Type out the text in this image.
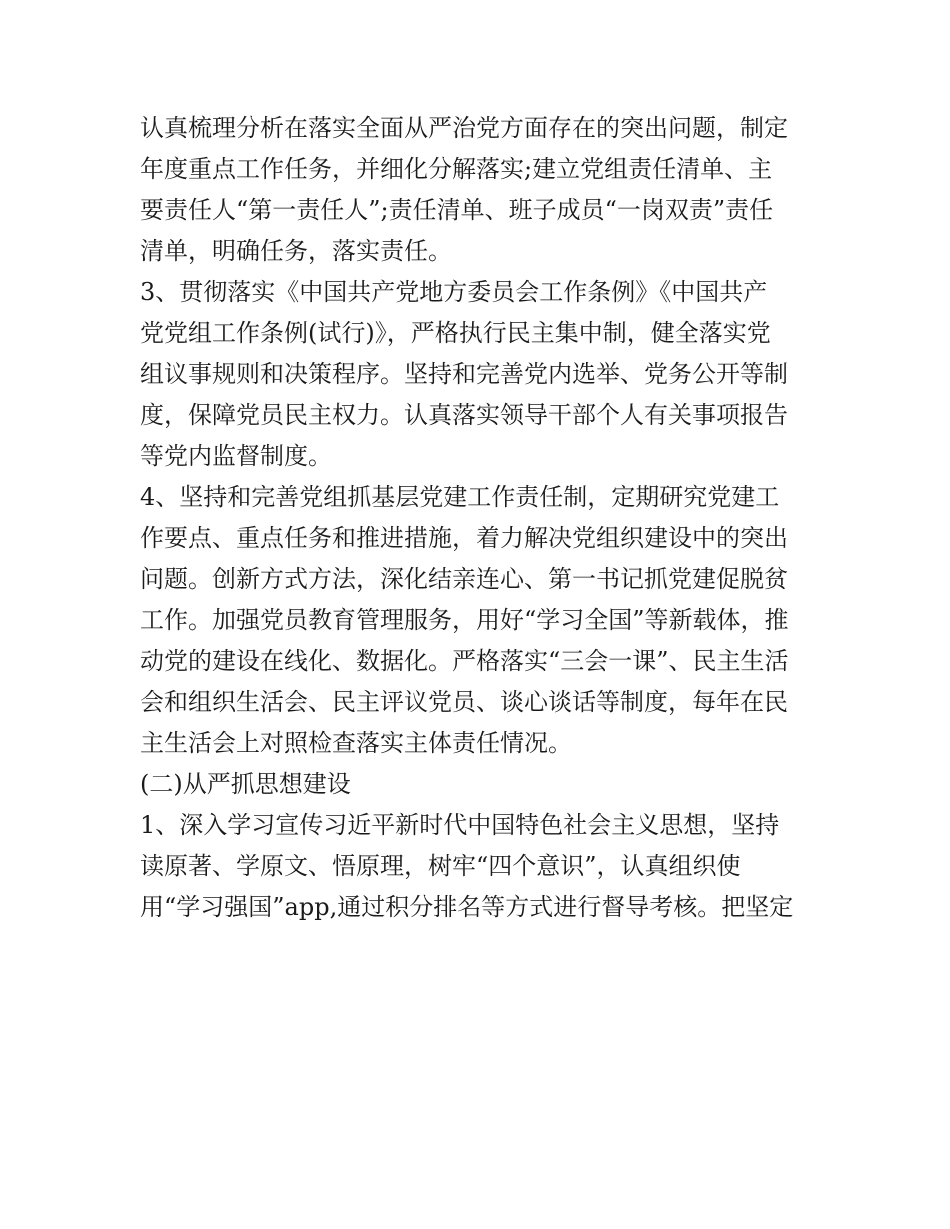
认真梳理分析在落实全面从严治党方面存在的突出问题，制定
年度重点工作任务，并细化分解落实;建立党组责任清单、主
要责任人“第一责任人”;责任清单、班子成员“一岗双责”责任
清单，明确任务，落实责任。
3、贯彻落实《中国共产党地方委员会工作条例》《中国共产
党党组工作条例(试行)》，严格执行民主集中制，健全落实党
组议事规则和决策程序。坚持和完善党内选举、党务公开等制
度，保障党员民主权力。认真落实领导干部个人有关事项报告
等党内监督制度。
4、坚持和完善党组抓基层党建工作责任制，定期研究党建工
作要点、重点任务和推进措施，着力解决党组织建设中的突出
问题。创新方式方法，深化结亲连心、第一书记抓党建促脱贫
工作。加强党员教育管理服务，用好“学习全国”等新载体，推
动党的建设在线化、数据化。严格落实“三会一课”、民主生活
会和组织生活会、民主评议党员、谈心谈话等制度，每年在民
主生活会上对照检查落实主体责任情况。
(二)从严抓思想建设
1、深入学习宣传习近平新时代中国特色社会主义思想，坚持
读原著、学原文、悟原理，树牢“四个意识”，认真组织使
用“学习强国”app,通过积分排名等方式进行督导考核。把坚定
